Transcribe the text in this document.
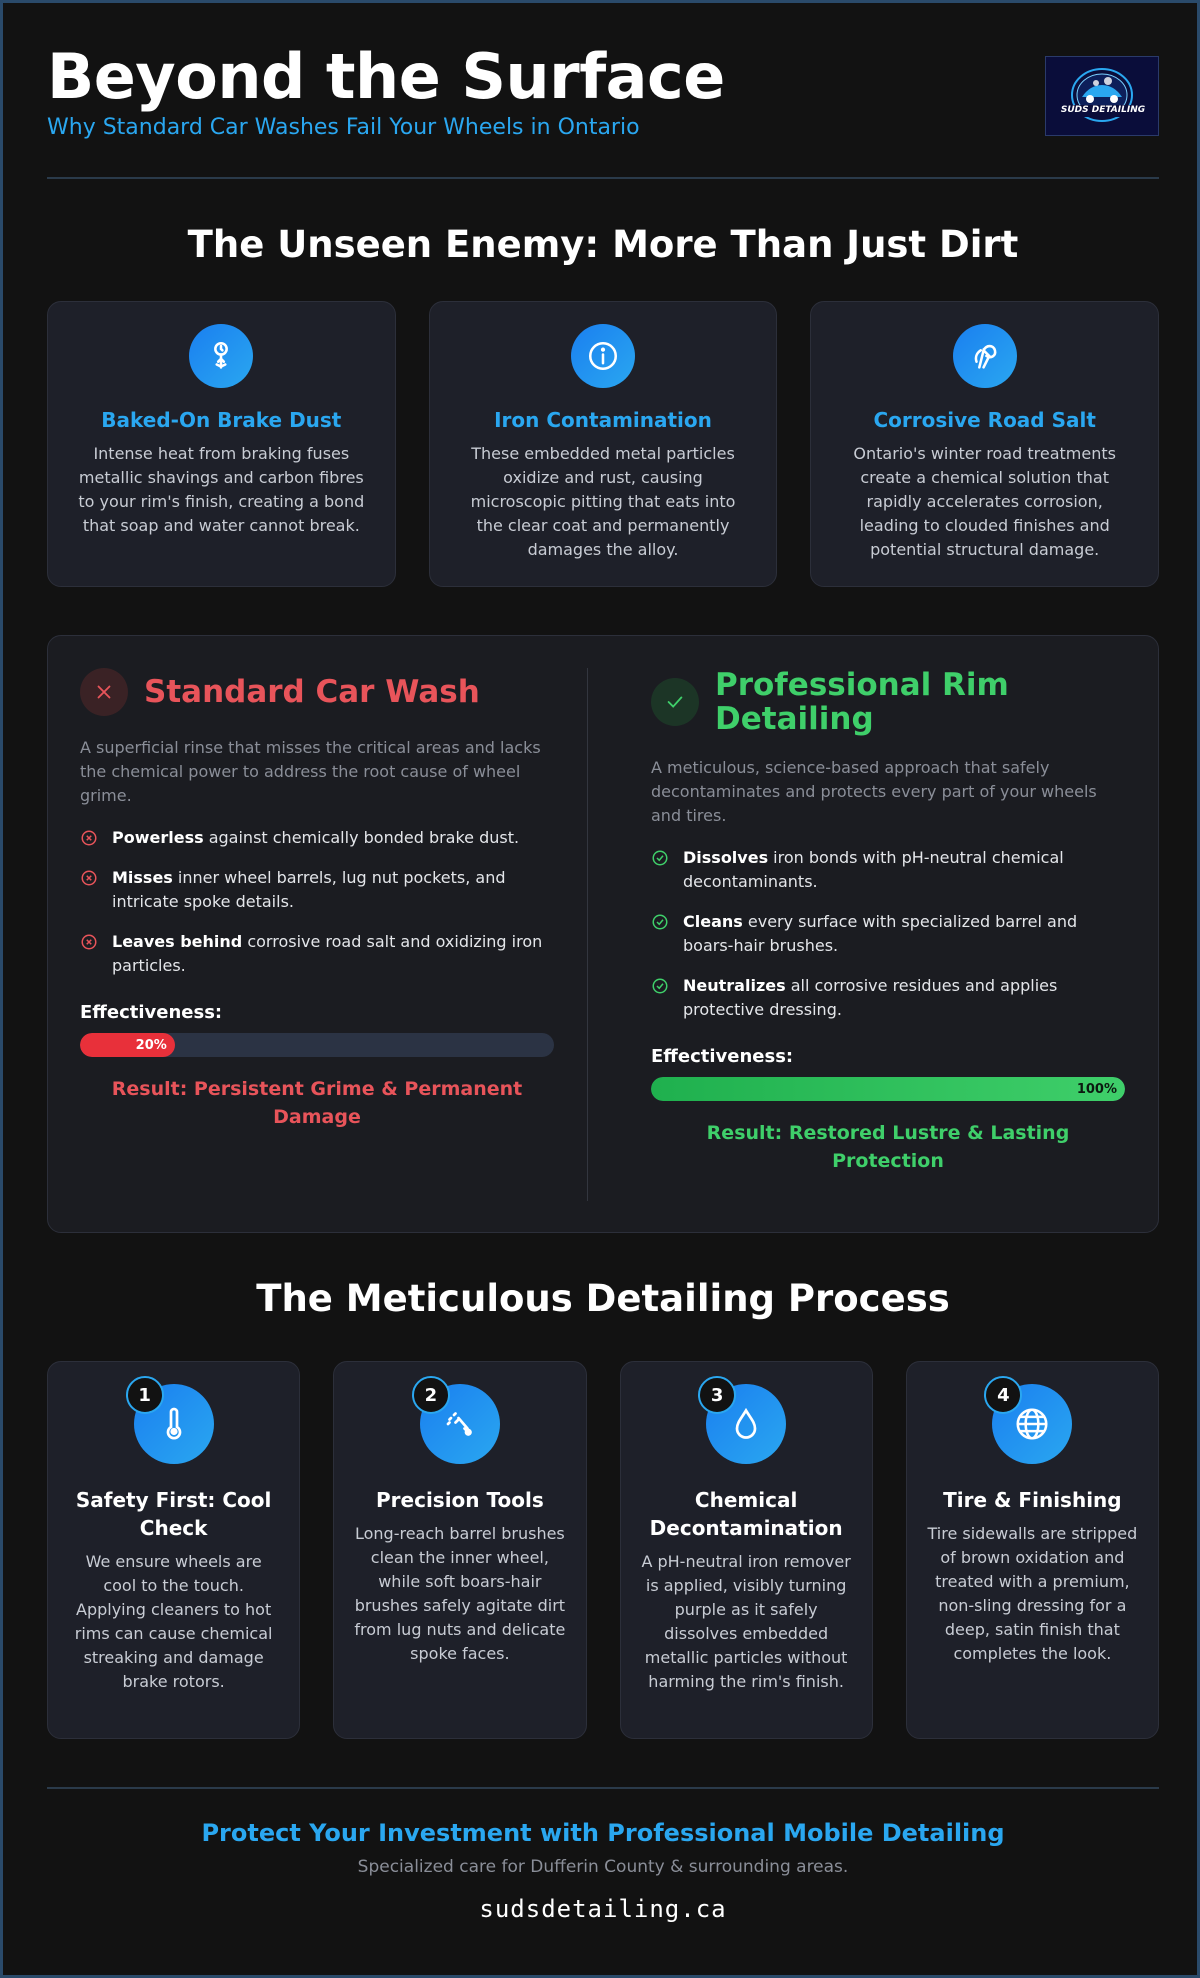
Beyond the Surface
Why Standard Car Washes Fail Your Wheels in Ontario
SUDS DETAILING
The Unseen Enemy: More Than Just Dirt
Baked-On Brake Dust
Intense heat from braking fuses metallic shavings and carbon fibres to your rim's finish, creating a bond that soap and water cannot break.
Iron Contamination
These embedded metal particles oxidize and rust, causing microscopic pitting that eats into the clear coat and permanently damages the alloy.
Corrosive Road Salt
Ontario's winter road treatments create a chemical solution that rapidly accelerates corrosion, leading to clouded finishes and potential structural damage.
Standard Car Wash
A superficial rinse that misses the critical areas and lacks the chemical power to address the root cause of wheel grime.
Powerless against chemically bonded brake dust.
Misses inner wheel barrels, lug nut pockets, and intricate spoke details.
Leaves behind corrosive road salt and oxidizing iron particles.
Effectiveness:
20%
Result: Persistent Grime & Permanent Damage
Professional Rim Detailing
A meticulous, science-based approach that safely decontaminates and protects every part of your wheels and tires.
Dissolves iron bonds with pH-neutral chemical decontaminants.
Cleans every surface with specialized barrel and boars-hair brushes.
Neutralizes all corrosive residues and applies protective dressing.
Effectiveness:
100%
Result: Restored Lustre & Lasting Protection
The Meticulous Detailing Process
1
Safety First: Cool Check
We ensure wheels are cool to the touch. Applying cleaners to hot rims can cause chemical streaking and damage brake rotors.
2
Precision Tools
Long-reach barrel brushes clean the inner wheel, while soft boars-hair brushes safely agitate dirt from lug nuts and delicate spoke faces.
3
Chemical Decontamination
A pH-neutral iron remover is applied, visibly turning purple as it safely dissolves embedded metallic particles without harming the rim's finish.
4
Tire & Finishing
Tire sidewalls are stripped of brown oxidation and treated with a premium, non-sling dressing for a deep, satin finish that completes the look.
Protect Your Investment with Professional Mobile Detailing
Specialized care for Dufferin County & surrounding areas.
sudsdetailing.ca
